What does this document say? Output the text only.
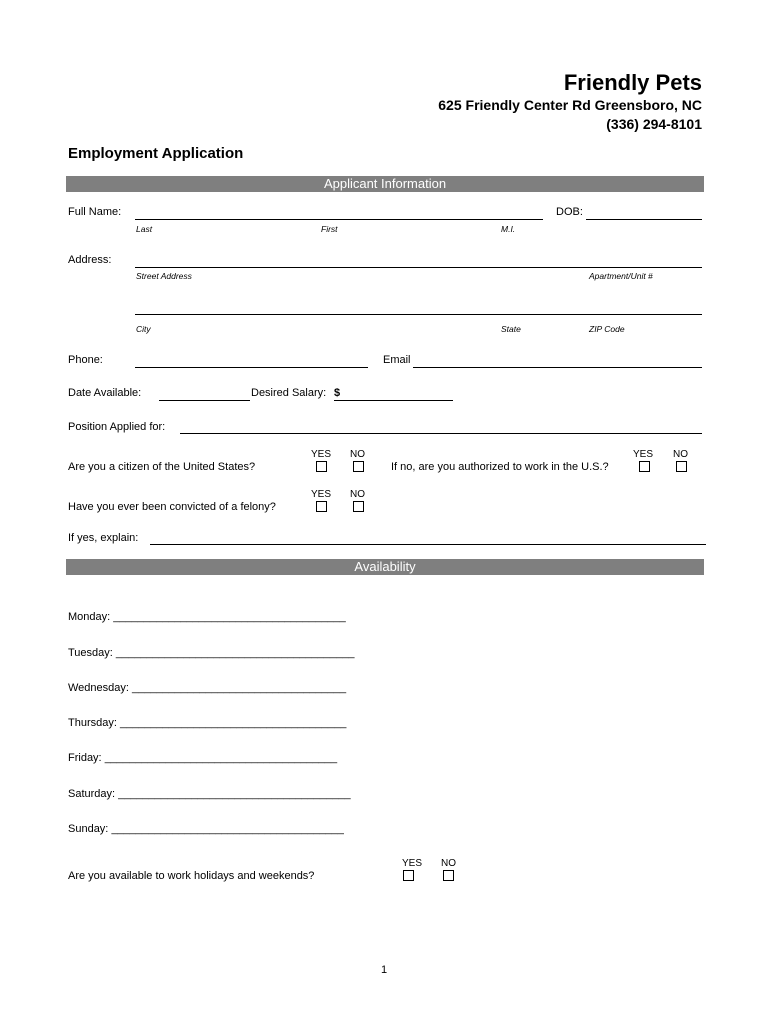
Friendly Pets
625 Friendly Center Rd Greensboro, NC
(336) 294-8101
Employment Application
Applicant Information
Full Name:	DOB:
Last	First	M.I.
Address:
Street Address	Apartment/Unit #
City	State	ZIP Code
Phone:	Email
Date Available:	Desired Salary: $
Position Applied for:
YES NO
Are you a citizen of the United States?
YES NO
If no, are you authorized to work in the U.S.?
YES NO
Have you ever been convicted of a felony?
If yes, explain:
Availability
Monday: ______________________________________
Tuesday: _______________________________________
Wednesday: ___________________________________
Thursday: _____________________________________
Friday: ______________________________________
Saturday: ______________________________________
Sunday: ______________________________________
YES NO
Are you available to work holidays and weekends?
1
